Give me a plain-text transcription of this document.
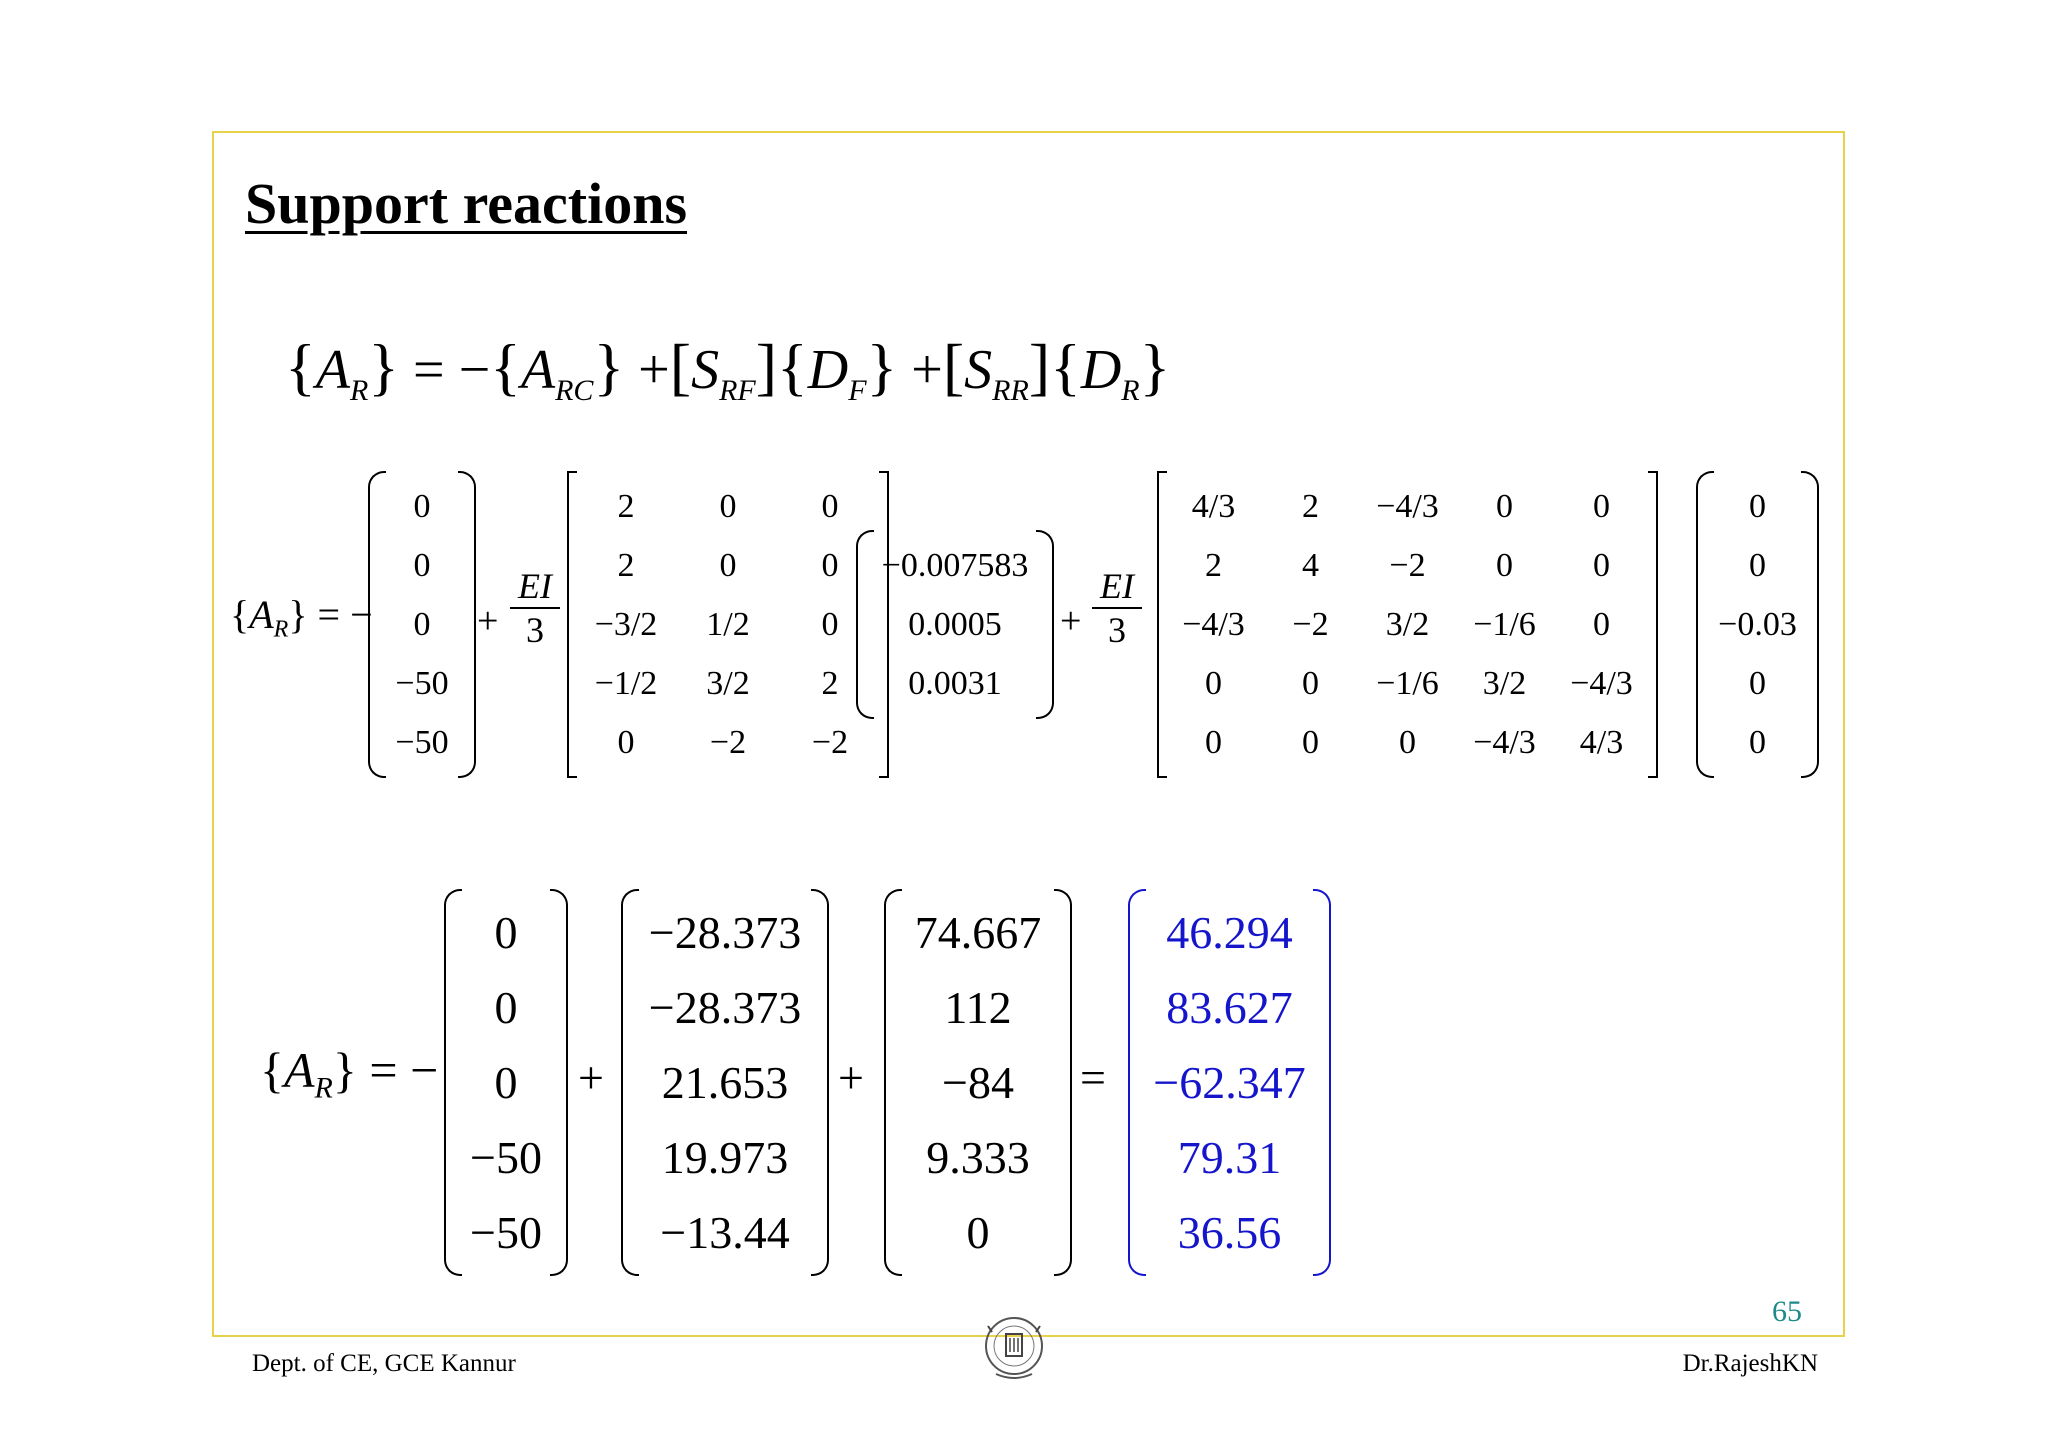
Support reactions
$\{A_R\} = -\{A_{RC}\} +[S_{RF}]\{D_F\} +[S_{RR}]\{D_R\}$
$\{A_R\}$ = −
0
0
0
−50
−50
+
EI
3
2	0	0
2	0	0
−3/2	1/2	0
−1/2	3/2	2
0	−2	−2
−0.007583
0.0005
0.0031
+
EI
3
4/3	2	−4/3	0	0
2	4	−2	0	0
−4/3	−2	3/2	−1/6	0
0	0	−1/6	3/2	−4/3
0	0	0	−4/3	4/3
0
0
−0.03
0
0
$\{A_R\}$ = −
0
0
0
−50
−50
+
−28.373
−28.373
21.653
19.973
−13.44
+
74.667
112
−84
9.333
0
=
46.294
83.627
−62.347
79.31
36.56
65
Dept. of CE, GCE Kannur	Dr.RajeshKN
